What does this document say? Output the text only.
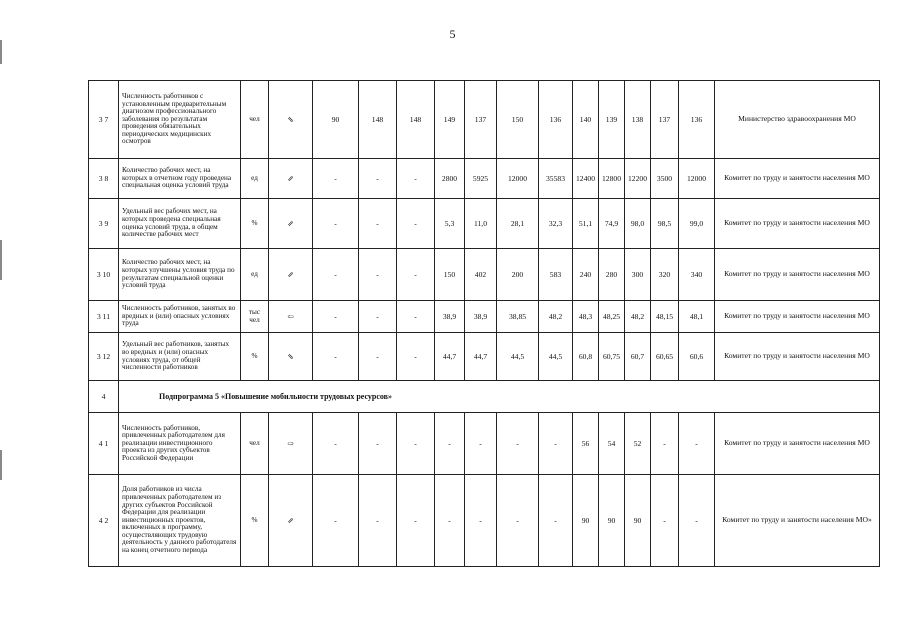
5
3 7	Численность работников с установленным предварительным диагнозом профессионального заболевания по результатам проведения обязательных периодических медицинских осмотров	чел	⇘	90	148	148	149	137	150	136	140	139	138	137	136	Министерство здравоохранения МО
3 8	Количество рабочих мест, на которых в отчетном году проведена специальная оценка условий труда	ед	⇗	-	-	-	2800	5925	12000	35583	12400	12800	12200	3500	12000	Комитет по труду и занятости населения МО
3 9	Удельный вес рабочих мест, на которых проведена специальная оценка условий труда, в общем количестве рабочих мест	%	⇗	-	-	-	5,3	11,0	28,1	32,3	51,1	74,9	98,0	98,5	99,0	Комитет по труду и занятости населения МО
3 10	Количество рабочих мест, на которых улучшены условия труда по результатам специальной оценки условий труда	ед	⇗	-	-	-	150	402	200	583	240	280	300	320	340	Комитет по труду и занятости населения МО
3 11	Численность работников, занятых во вредных и (или) опасных условиях труда	тыс чел	⇦	-	-	-	38,9	38,9	38,85	48,2	48,3	48,25	48,2	48,15	48,1	Комитет по труду и занятости населения МО
3 12	Удельный вес работников, занятых во вредных и (или) опасных условиях труда, от общей численности работников	%	⇘	-	-	-	44,7	44,7	44,5	44,5	60,8	60,75	60,7	60,65	60,6	Комитет по труду и занятости населения МО
4	Подпрограмма 5 «Повышение мобильности трудовых ресурсов»															
4 1	Численность работников, привлеченных работодателем для реализации инвестиционного проекта из других субъектов Российской Федерации	чел	⇨	-	-	-	-	-	-	-	56	54	52	-	-	Комитет по труду и занятости населения МО
4 2	Доля работников из числа привлеченных работодателем из других субъектов Российской Федерации для реализации инвестиционных проектов, включенных в программу, осуществляющих трудовую деятельность у данного работодателя на конец отчетного периода	%	⇗	-	-	-	-	-	-	-	90	90	90	-	-	Комитет по труду и занятости населения МО»
